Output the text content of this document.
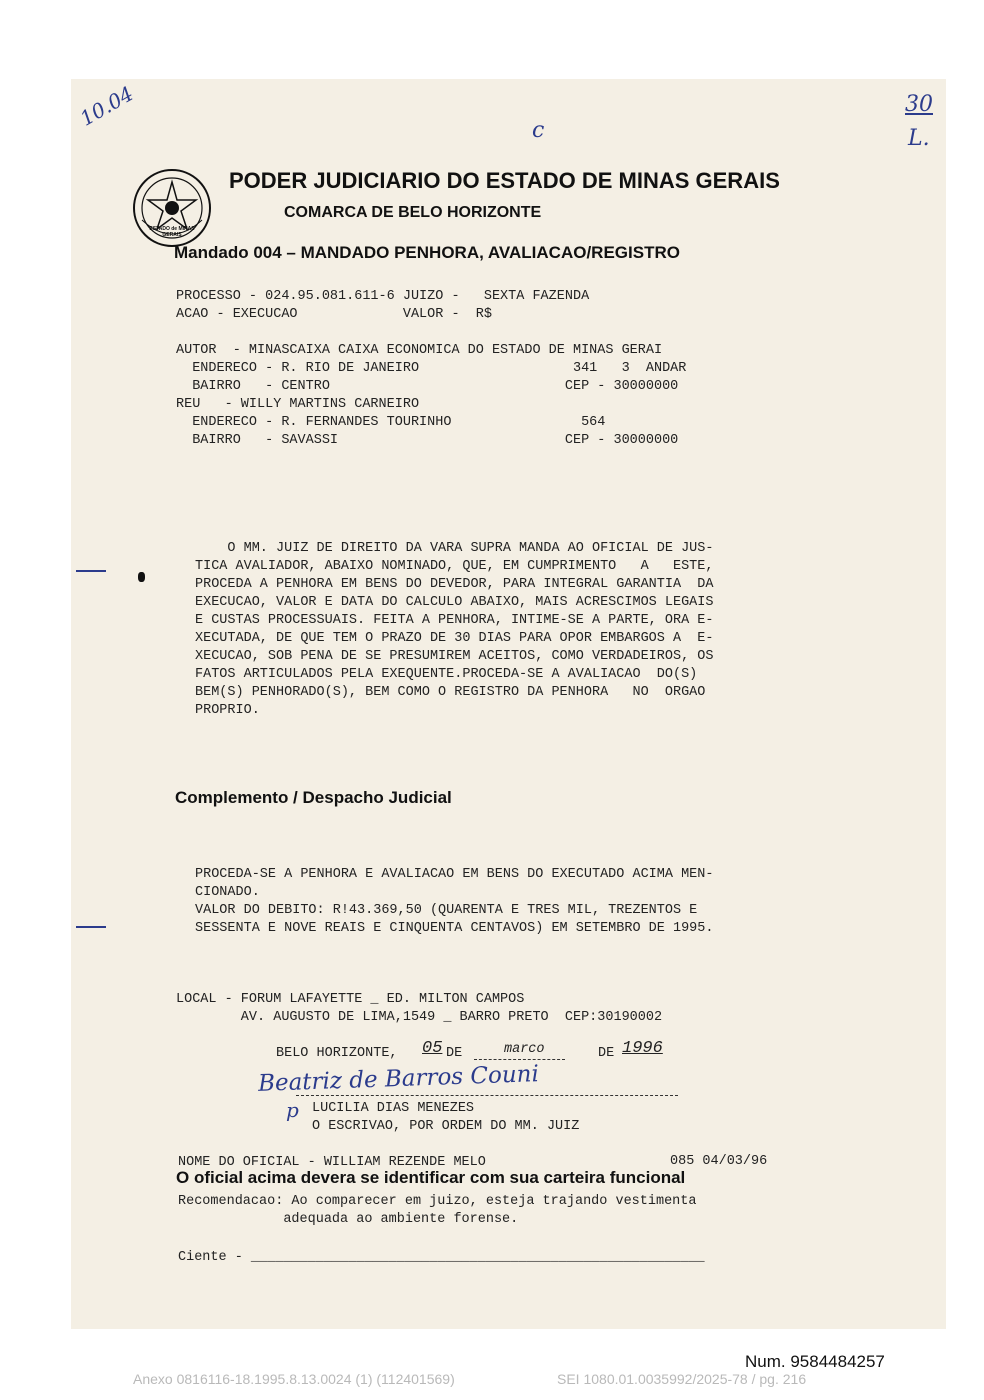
10.04	c
30
L.
ESTADO de MINAS GERAIS
PODER JUDICIARIO DO ESTADO DE MINAS GERAIS
COMARCA DE BELO HORIZONTE
Mandado 004 – MANDADO PENHORA, AVALIACAO/REGISTRO
PROCESSO - 024.95.081.611-6 JUIZO -   SEXTA FAZENDA
ACAO - EXECUCAO             VALOR -  R$
AUTOR  - MINASCAIXA CAIXA ECONOMICA DO ESTADO DE MINAS GERAI
ENDERECO - R. RIO DE JANEIRO                   341   3  ANDAR
BAIRRO   - CENTRO                             CEP - 30000000
REU   - WILLY MARTINS CARNEIRO
ENDERECO - R. FERNANDES TOURINHO                564
BAIRRO   - SAVASSI                            CEP - 30000000
O MM. JUIZ DE DIREITO DA VARA SUPRA MANDA AO OFICIAL DE JUS-
TICA AVALIADOR, ABAIXO NOMINADO, QUE, EM CUMPRIMENTO   A   ESTE,
PROCEDA A PENHORA EM BENS DO DEVEDOR, PARA INTEGRAL GARANTIA  DA
EXECUCAO, VALOR E DATA DO CALCULO ABAIXO, MAIS ACRESCIMOS LEGAIS
E CUSTAS PROCESSUAIS. FEITA A PENHORA, INTIME-SE A PARTE, ORA E-
XECUTADA, DE QUE TEM O PRAZO DE 30 DIAS PARA OPOR EMBARGOS A  E-
XECUCAO, SOB PENA DE SE PRESUMIREM ACEITOS, COMO VERDADEIROS, OS
FATOS ARTICULADOS PELA EXEQUENTE.PROCEDA-SE A AVALIACAO  DO(S)
BEM(S) PENHORADO(S), BEM COMO O REGISTRO DA PENHORA   NO  ORGAO
PROPRIO.
Complemento / Despacho Judicial
PROCEDA-SE A PENHORA E AVALIACAO EM BENS DO EXECUTADO ACIMA MEN-
CIONADO.
VALOR DO DEBITO: R!43.369,50 (QUARENTA E TRES MIL, TREZENTOS E
SESSENTA E NOVE REAIS E CINQUENTA CENTAVOS) EM SETEMBRO DE 1995.
LOCAL - FORUM LAFAYETTE _ ED. MILTON CAMPOS
AV. AUGUSTO DE LIMA,1549 _ BARRO PRETO  CEP:30190002
BELO HORIZONTE, 05 DE	marco	DE 1996
Beatriz de Barros Couni
p LUCILIA DIAS MENEZES
O ESCRIVAO, POR ORDEM DO MM. JUIZ
NOME DO OFICIAL - WILLIAM REZENDE MELO	085 04/03/96
O oficial acima devera se identificar com sua carteira funcional
Recomendacao: Ao comparecer em juizo, esteja trajando vestimenta
adequada ao ambiente forense.
Ciente - ________________________________________________________
Num. 9584484257
Anexo 0816116-18.1995.8.13.0024 (1) (112401569)	SEI 1080.01.0035992/2025-78 / pg. 216
